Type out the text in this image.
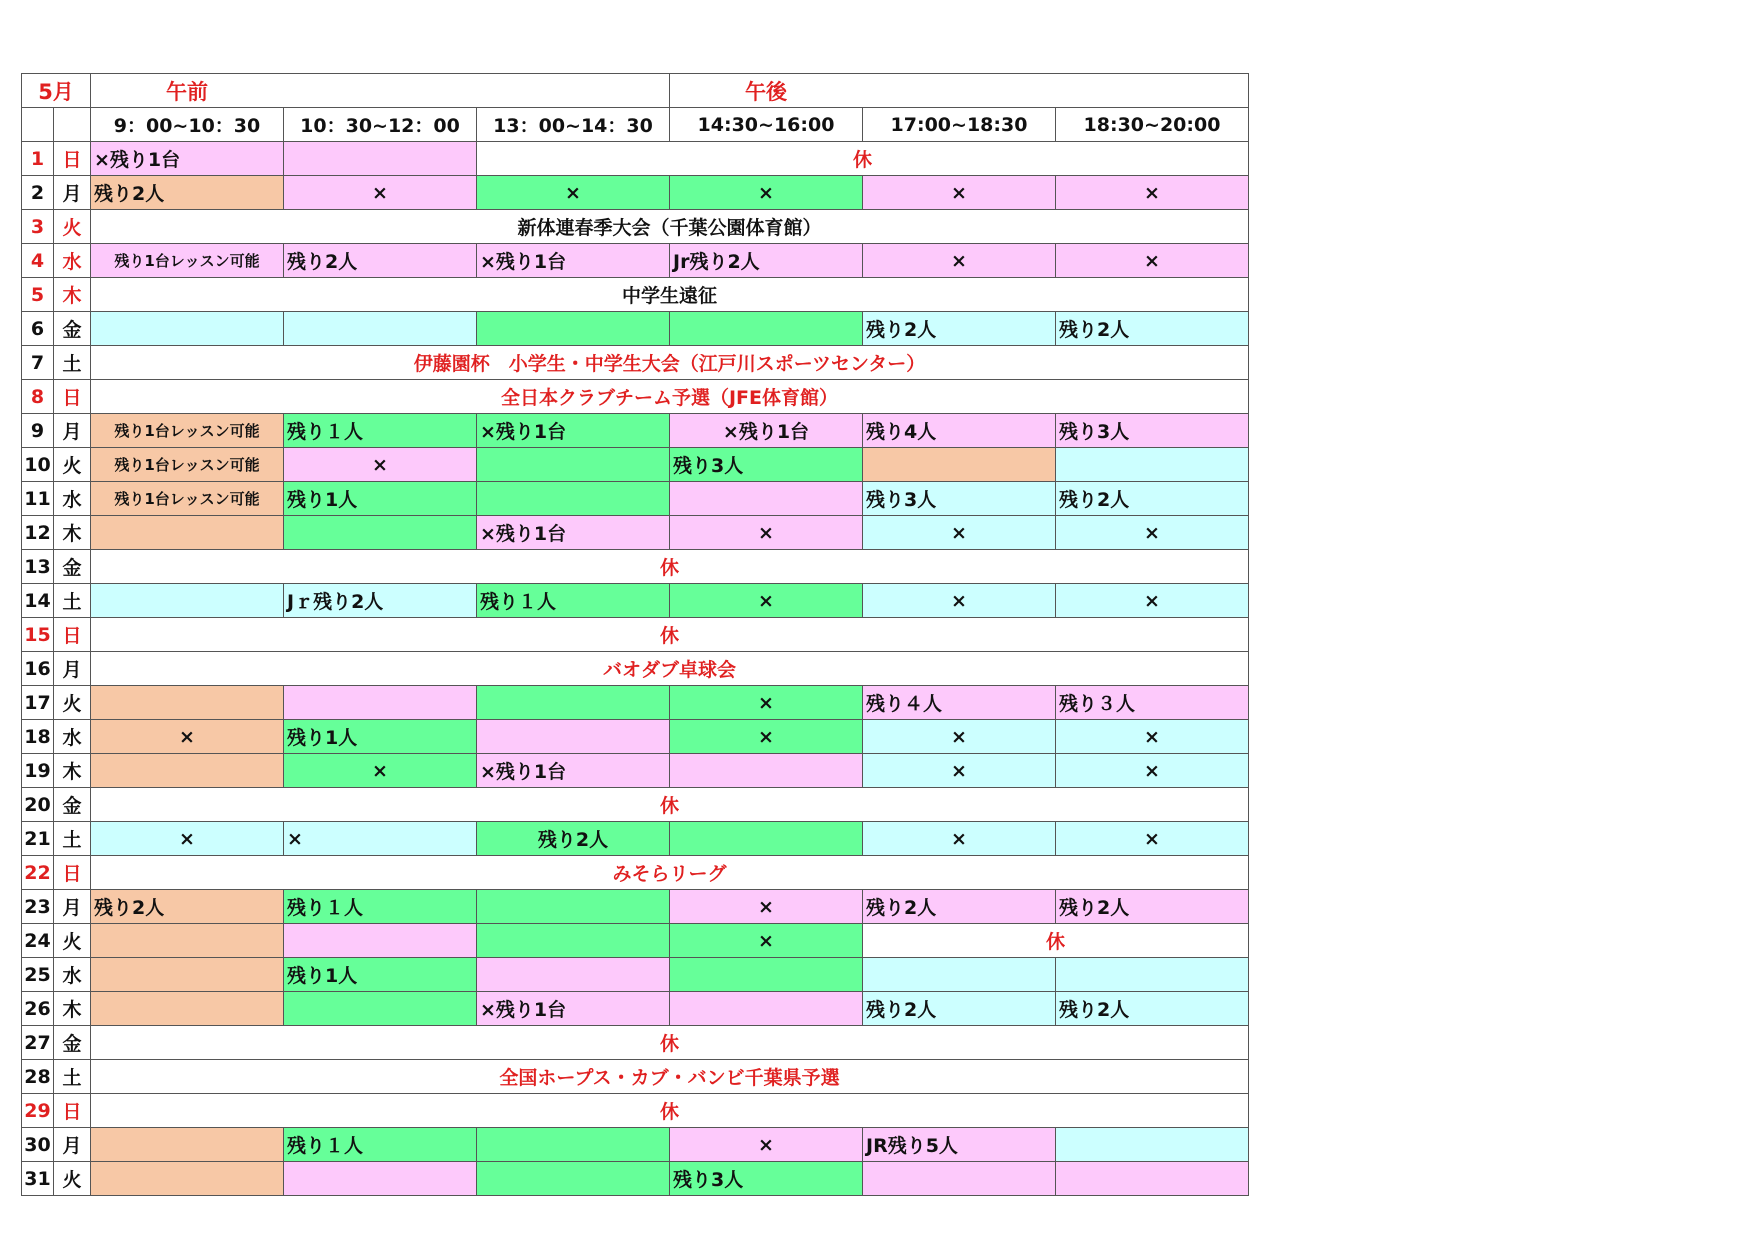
5月		午前			午後		
		9：00~10：30	10：30~12：00	13：00~14：30	14:30~16:00	17:00~18:30	18:30~20:00
1	日	×残り1台		休			
2	月	残り2人	×	×	×	×	×
3	火	新体連春季大会（千葉公園体育館）					
4	水	残り1台レッスン可能	残り2人	×残り1台	Jr残り2人	×	×
5	木	中学生遠征					
6	金					残り2人	残り2人
7	土	伊藤園杯　小学生・中学生大会（江戸川スポーツセンター）					
8	日	全日本クラブチーム予選（JFE体育館）					
9	月	残り1台レッスン可能	残り１人	×残り1台	×残り1台	残り4人	残り3人
10	火	残り1台レッスン可能	×		残り3人		
11	水	残り1台レッスン可能	残り1人			残り3人	残り2人
12	木			×残り1台	×	×	×
13	金	休					
14	土		Jｒ残り2人	残り１人	×	×	×
15	日	休					
16	月	バオダブ卓球会					
17	火				×	残り４人	残り３人
18	水	×	残り1人		×	×	×
19	木		×	×残り1台		×	×
20	金	休					
21	土	×	×	残り2人		×	×
22	日	みそらリーグ					
23	月	残り2人	残り１人		×	残り2人	残り2人
24	火				×	休	
25	水		残り1人				
26	木			×残り1台		残り2人	残り2人
27	金	休					
28	土	全国ホープス・カブ・バンビ千葉県予選					
29	日	休					
30	月		残り１人		×	JR残り5人	
31	火				残り3人		
